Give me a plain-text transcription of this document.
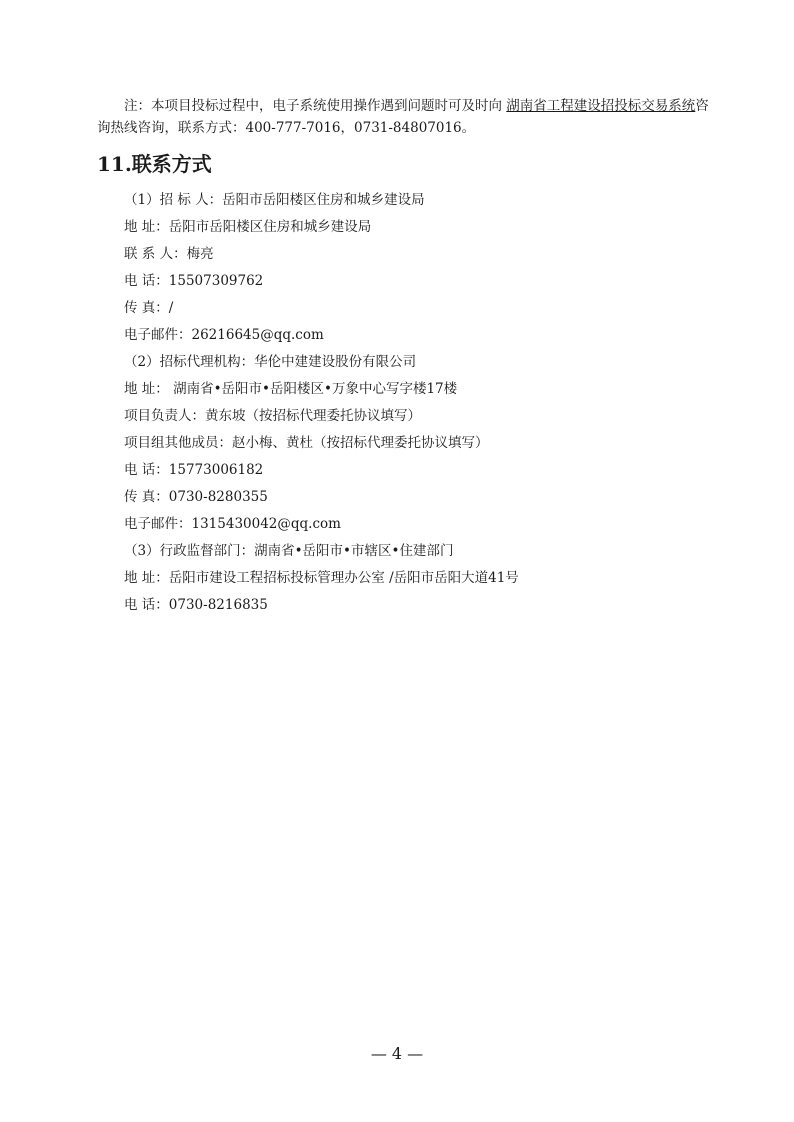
注：本项目投标过程中，电子系统使用操作遇到问题时可及时向 湖南省工程建设招投标交易系统咨询热线咨询，联系方式：400-777-7016，0731-84807016。

11.联系方式
（1）招 标 人：岳阳市岳阳楼区住房和城乡建设局
地 址：岳阳市岳阳楼区住房和城乡建设局
联 系 人：梅亮
电 话：15507309762
传 真：/
电子邮件：26216645@qq.com
（2）招标代理机构：华伦中建建设股份有限公司
地 址： 湖南省•岳阳市•岳阳楼区•万象中心写字楼17楼
项目负责人：黄东坡（按招标代理委托协议填写）
项目组其他成员：赵小梅、黄杜（按招标代理委托协议填写）
电 话：15773006182
传 真：0730-8280355
电子邮件：1315430042@qq.com
（3）行政监督部门：湖南省•岳阳市•市辖区•住建部门
地 址：岳阳市建设工程招标投标管理办公室 /岳阳市岳阳大道41号
电 话：0730-8216835
— 4 —
